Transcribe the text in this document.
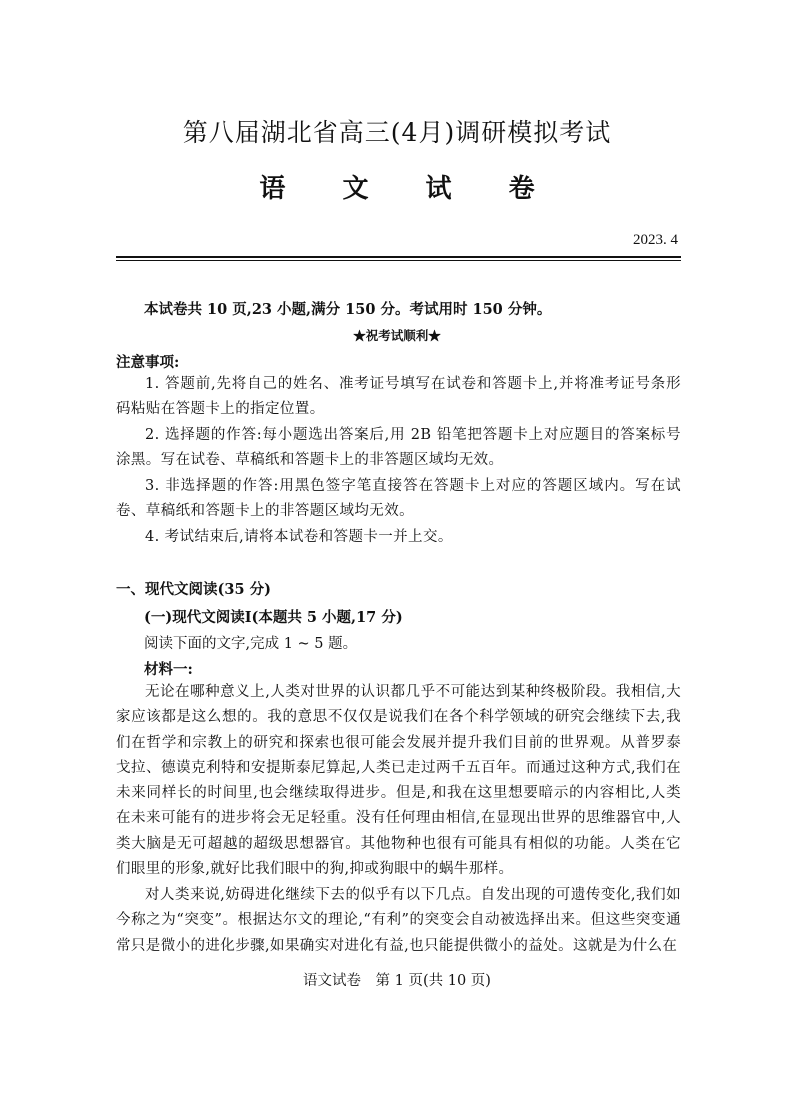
第八届湖北省高三(4月)调研模拟考试
语 文 试 卷
2023. 4
本试卷共 10 页,23 小题,满分 150 分。考试用时 150 分钟。
★祝考试顺利★
注意事项:
1. 答题前,先将自己的姓名、准考证号填写在试卷和答题卡上,并将准考证号条形码粘贴在答题卡上的指定位置。
2. 选择题的作答:每小题选出答案后,用 2B 铅笔把答题卡上对应题目的答案标号涂黑。写在试卷、草稿纸和答题卡上的非答题区域均无效。
3. 非选择题的作答:用黑色签字笔直接答在答题卡上对应的答题区域内。写在试卷、草稿纸和答题卡上的非答题区域均无效。
4. 考试结束后,请将本试卷和答题卡一并上交。
一、现代文阅读(35 分)
(一)现代文阅读Ⅰ(本题共 5 小题,17 分)
阅读下面的文字,完成 1 ~ 5 题。
材料一:
无论在哪种意义上,人类对世界的认识都几乎不可能达到某种终极阶段。我相信,大家应该都是这么想的。我的意思不仅仅是说我们在各个科学领域的研究会继续下去,我们在哲学和宗教上的研究和探索也很可能会发展并提升我们目前的世界观。从普罗泰戈拉、德谟克利特和安提斯泰尼算起,人类已走过两千五百年。而通过这种方式,我们在未来同样长的时间里,也会继续取得进步。但是,和我在这里想要暗示的内容相比,人类在未来可能有的进步将会无足轻重。没有任何理由相信,在显现出世界的思维器官中,人类大脑是无可超越的超级思想器官。其他物种也很有可能具有相似的功能。人类在它们眼里的形象,就好比我们眼中的狗,抑或狗眼中的蜗牛那样。
对人类来说,妨碍进化继续下去的似乎有以下几点。自发出现的可遗传变化,我们如今称之为“突变”。根据达尔文的理论,“有利”的突变会自动被选择出来。但这些突变通常只是微小的进化步骤,如果确实对进化有益,也只能提供微小的益处。这就是为什么在
语文试卷　第 1 页(共 10 页)
